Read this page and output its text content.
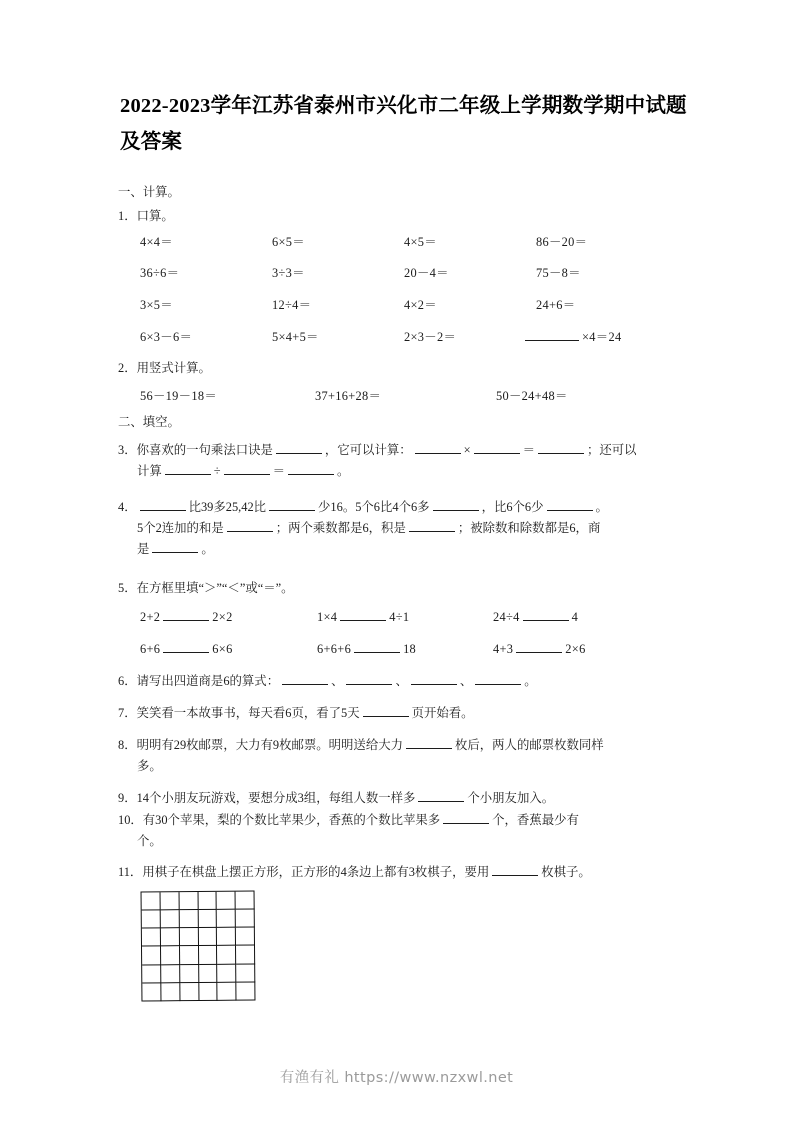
2022-2023学年江苏省泰州市兴化市二年级上学期数学期中试题及答案
一、计算。
1．口算。
4×4＝	6×5＝	4×5＝	86－20＝
36÷6＝	3÷3＝	20－4＝	75－8＝
3×5＝	12÷4＝	4×2＝	24+6＝
6×3－6＝	5×4+5＝	2×3－2＝	×4＝24
2．用竖式计算。
56－19－18＝	37+16+28＝	50－24+48＝
二、填空。
3．你喜欢的一句乘法口诀是	，它可以计算：	×	＝	；还可以
计算	÷	＝	。
4．	比39多25,42比	少16。5个6比4个6多	，比6个6少	。
5个2连加的和是	；两个乘数都是6，积是	；被除数和除数都是6，商
是	。
5．在方框里填“＞”“＜”或“＝”。
2+2	2×2	1×4	4÷1	24÷4	4
6+6	6×6	6+6+6	18	4+3	2×6
6．请写出四道商是6的算式：	、	、	、	。
7．笑笑看一本故事书，每天看6页，看了5天	页开始看。
8．明明有29枚邮票，大力有9枚邮票。明明送给大力	枚后，两人的邮票枚数同样
多。
9．14个小朋友玩游戏，要想分成3组，每组人数一样多	个小朋友加入。
10．有30个苹果，梨的个数比苹果少，香蕉的个数比苹果多	个，香蕉最少有
个。
11．用棋子在棋盘上摆正方形，正方形的4条边上都有3枚棋子，要用	枚棋子。
有渔有礼 https://www.nzxwl.net
